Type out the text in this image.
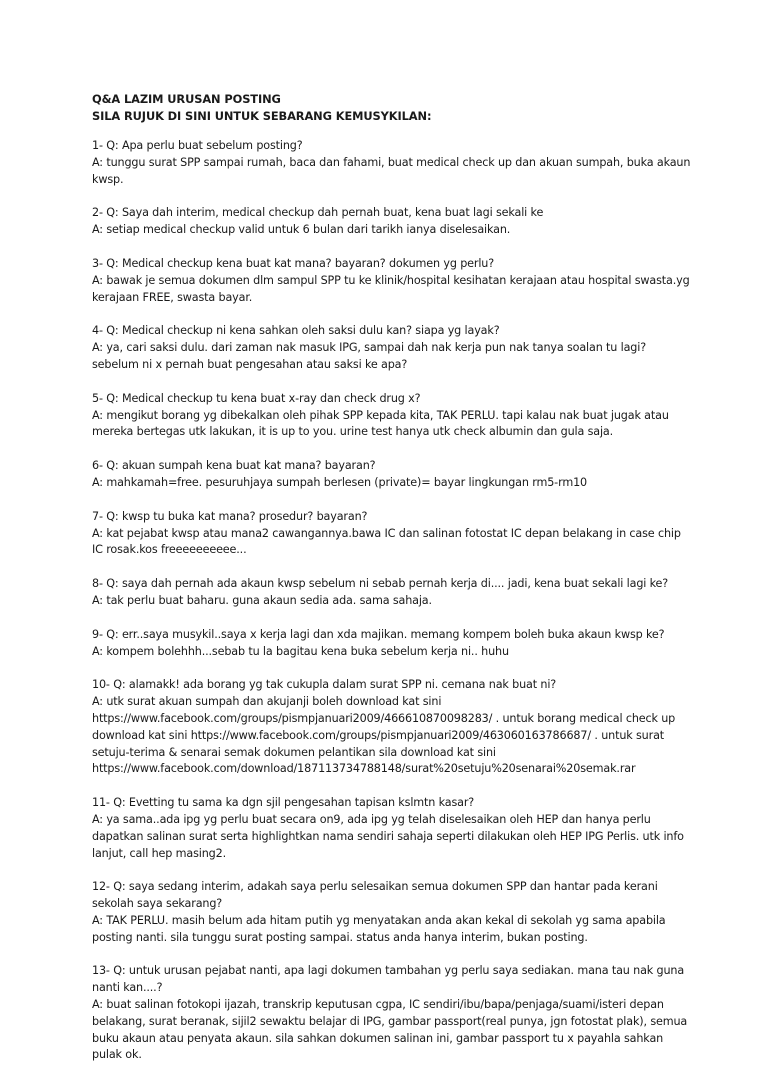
Q&A LAZIM URUSAN POSTING
SILA RUJUK DI SINI UNTUK SEBARANG KEMUSYKILAN:
1- Q: Apa perlu buat sebelum posting?
A: tunggu surat SPP sampai rumah, baca dan fahami, buat medical check up dan akuan sumpah, buka akaun kwsp.
2- Q: Saya dah interim, medical checkup dah pernah buat, kena buat lagi sekali ke
A: setiap medical checkup valid untuk 6 bulan dari tarikh ianya diselesaikan.
3- Q: Medical checkup kena buat kat mana? bayaran? dokumen yg perlu?
A: bawak je semua dokumen dlm sampul SPP tu ke klinik/hospital kesihatan kerajaan atau hospital swasta.yg kerajaan FREE, swasta bayar.
4- Q: Medical checkup ni kena sahkan oleh saksi dulu kan? siapa yg layak?
A: ya, cari saksi dulu. dari zaman nak masuk IPG, sampai dah nak kerja pun nak tanya soalan tu lagi? sebelum ni x pernah buat pengesahan atau saksi ke apa?
5- Q: Medical checkup tu kena buat x-ray dan check drug x?
A: mengikut borang yg dibekalkan oleh pihak SPP kepada kita, TAK PERLU. tapi kalau nak buat jugak atau mereka bertegas utk lakukan, it is up to you. urine test hanya utk check albumin dan gula saja.
6- Q: akuan sumpah kena buat kat mana? bayaran?
A: mahkamah=free. pesuruhjaya sumpah berlesen (private)= bayar lingkungan rm5-rm10
7- Q: kwsp tu buka kat mana? prosedur? bayaran?
A: kat pejabat kwsp atau mana2 cawangannya.bawa IC dan salinan fotostat IC depan belakang in case chip IC rosak.kos freeeeeeeeee...
8- Q: saya dah pernah ada akaun kwsp sebelum ni sebab pernah kerja di.... jadi, kena buat sekali lagi ke?
A: tak perlu buat baharu. guna akaun sedia ada. sama sahaja.
9- Q: err..saya musykil..saya x kerja lagi dan xda majikan. memang kompem boleh buka akaun kwsp ke?
A: kompem bolehhh...sebab tu la bagitau kena buka sebelum kerja ni.. huhu
10- Q: alamakk! ada borang yg tak cukupla dalam surat SPP ni. cemana nak buat ni?
A: utk surat akuan sumpah dan akujanji boleh download kat sini https://www.facebook.com/groups/pismpjanuari2009/466610870098283/ . untuk borang medical check up download kat sini https://www.facebook.com/groups/pismpjanuari2009/463060163786687/ . untuk surat setuju-terima & senarai semak dokumen pelantikan sila download kat sini https://www.facebook.com/download/187113734788148/surat%20setuju%20senarai%20semak.rar
11- Q: Evetting tu sama ka dgn sjil pengesahan tapisan kslmtn kasar?
A: ya sama..ada ipg yg perlu buat secara on9, ada ipg yg telah diselesaikan oleh HEP dan hanya perlu dapatkan salinan surat serta highlightkan nama sendiri sahaja seperti dilakukan oleh HEP IPG Perlis. utk info lanjut, call hep masing2.
12- Q: saya sedang interim, adakah saya perlu selesaikan semua dokumen SPP dan hantar pada kerani sekolah saya sekarang?
A: TAK PERLU. masih belum ada hitam putih yg menyatakan anda akan kekal di sekolah yg sama apabila posting nanti. sila tunggu surat posting sampai. status anda hanya interim, bukan posting.
13- Q: untuk urusan pejabat nanti, apa lagi dokumen tambahan yg perlu saya sediakan. mana tau nak guna nanti kan....?
A: buat salinan fotokopi ijazah, transkrip keputusan cgpa, IC sendiri/ibu/bapa/penjaga/suami/isteri depan belakang, surat beranak, sijil2 sewaktu belajar di IPG, gambar passport(real punya, jgn fotostat plak), semua buku akaun atau penyata akaun. sila sahkan dokumen salinan ini, gambar passport tu x payahla sahkan pulak ok.
